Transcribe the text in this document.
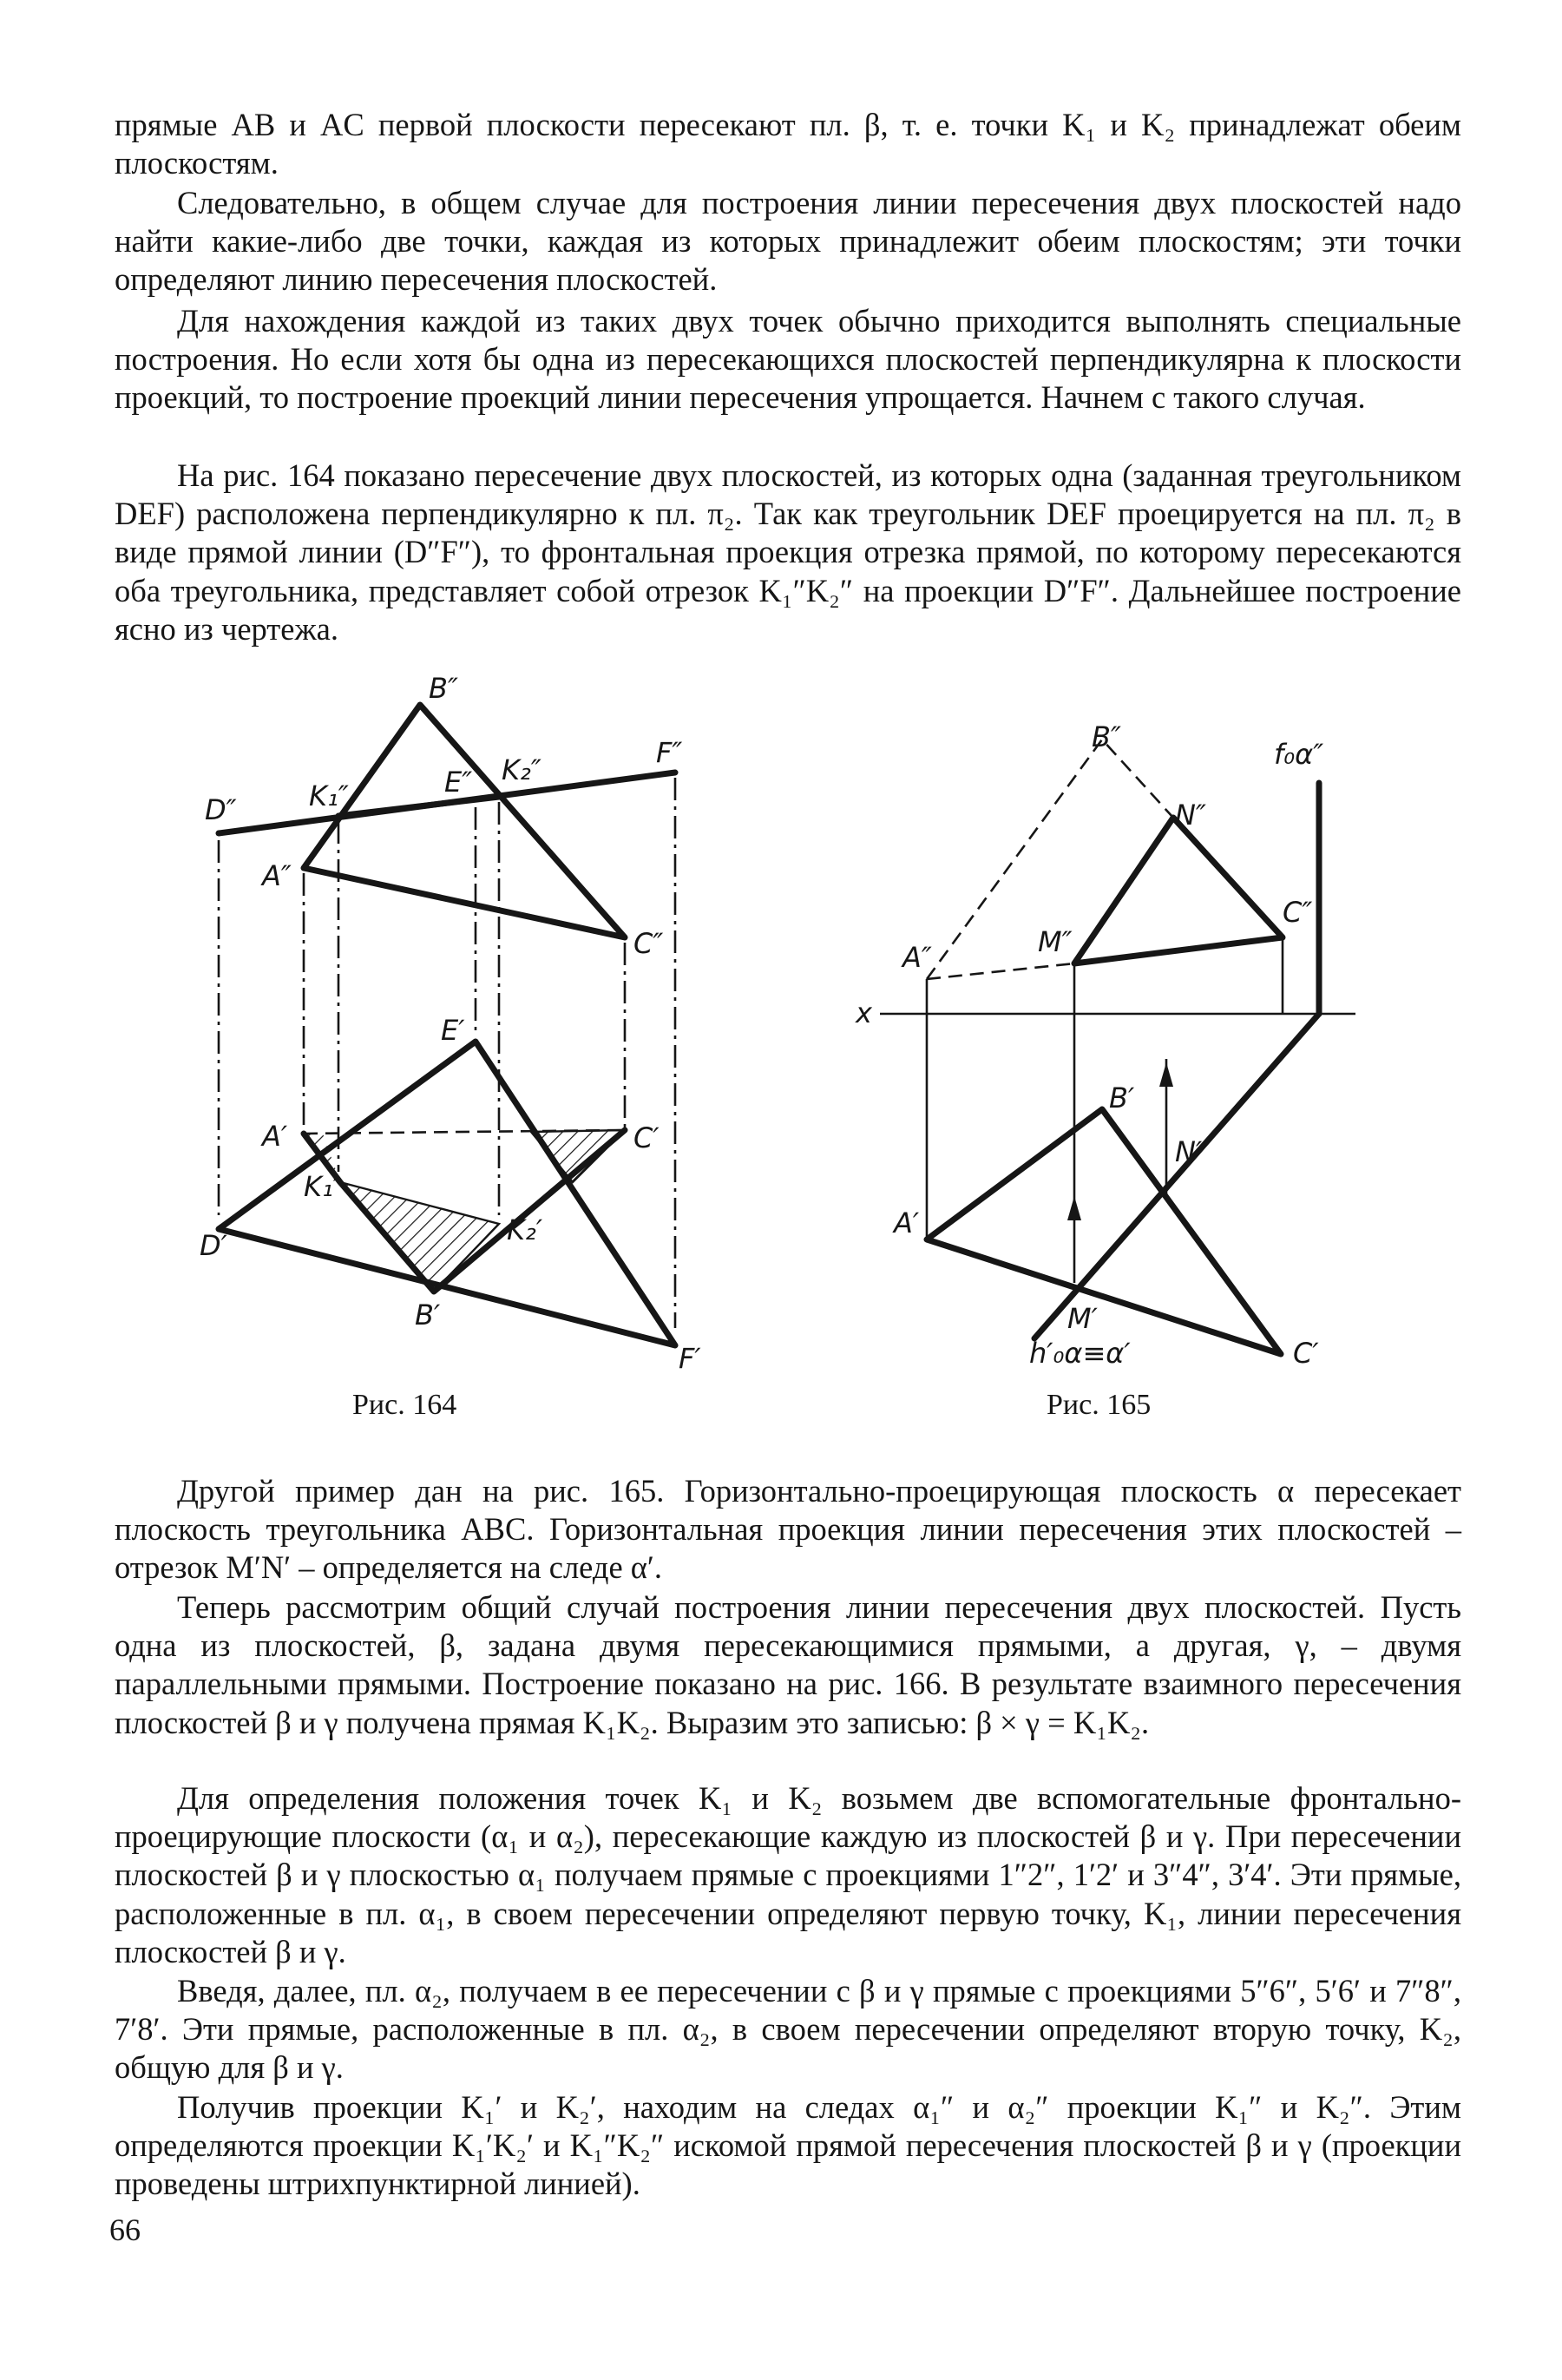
прямые AB и AC первой плоскости пересекают пл. β, т. е. точки K₁ и K₂ принадлежат обеим плоскостям.

Следовательно, в общем случае для построения линии пересечения двух плоскостей надо найти какие-либо две точки, каждая из которых принадлежит обеим плоскостям; эти точки определяют линию пересечения плоскостей.

Для нахождения каждой из таких двух точек обычно приходится выполнять специальные построения. Но если хотя бы одна из пересекающихся плоскостей перпендикулярна к плоскости проекций, то построение проекций линии пересечения упрощается. Начнем с такого случая.

На рис. 164 показано пересечение двух плоскостей, из которых одна (заданная треугольником DEF) расположена перпендикулярно к пл. π₂. Так как треугольник DEF проецируется на пл. π₂ в виде прямой линии (D″F″), то фронтальная проекция отрезка прямой, по которому пересекаются оба треугольника, представляет собой отрезок K₁″K₂″ на проекции D″F″. Дальнейшее построение ясно из чертежа.

B″
D″	K₁″	E″ K₂″
F″
A″
C″
E′
A′	C′
K₁′
K₂′
D′
B′
F′
Рис. 164
B″
f₀α″
N″
C″
M″
A″
x
B′
A′
N′
M′
h′₀α≡α′	C′
Рис. 165

Другой пример дан на рис. 165. Горизонтально-проецирующая плоскость α пересекает плоскость треугольника ABC. Горизонтальная проекция линии пересечения этих плоскостей – отрезок M′N′ – определяется на следе α′.

Теперь рассмотрим общий случай построения линии пересечения двух плоскостей. Пусть одна из плоскостей, β, задана двумя пересекающимися прямыми, а другая, γ, – двумя параллельными прямыми. Построение показано на рис. 166. В результате взаимного пересечения плоскостей β и γ получена прямая K₁K₂. Выразим это записью: β × γ = K₁K₂.

Для определения положения точек K₁ и K₂ возьмем две вспомогательные фронтально-проецирующие плоскости (α₁ и α₂), пересекающие каждую из плоскостей β и γ. При пересечении плоскостей β и γ плоскостью α₁ получаем прямые с проекциями 1″2″, 1′2′ и 3″4″, 3′4′. Эти прямые, расположенные в пл. α₁, в своем пересечении определяют первую точку, K₁, линии пересечения плоскостей β и γ.

Введя, далее, пл. α₂, получаем в ее пересечении с β и γ прямые с проекциями 5″6″, 5′6′ и 7″8″, 7′8′. Эти прямые, расположенные в пл. α₂, в своем пересечении определяют вторую точку, K₂, общую для β и γ.

Получив проекции K₁′ и K₂′, находим на следах α₁″ и α₂″ проекции K₁″ и K₂″. Этим определяются проекции K₁′K₂′ и K₁″K₂″ искомой прямой пересечения плоскостей β и γ (проекции проведены штрихпунктирной линией).

66
